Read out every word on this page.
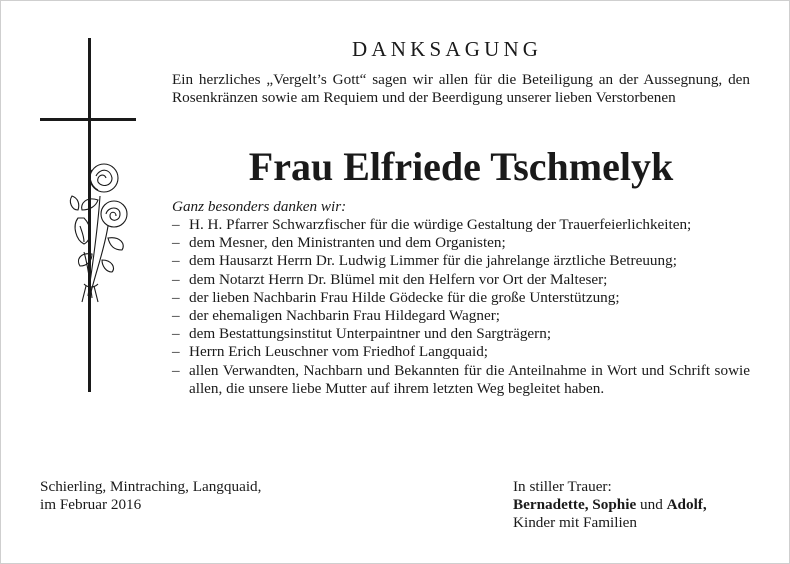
DANKSAGUNG
Ein herzliches „Vergelt’s Gott“ sagen wir allen für die Beteiligung an der Aussegnung, den Rosenkränzen sowie am Requiem und der Beerdigung unserer lieben Verstorbenen
Frau Elfriede Tschmelyk
Ganz besonders danken wir:
– H. H. Pfarrer Schwarzfischer für die würdige Gestaltung der Trauerfeierlichkeiten;
– dem Mesner, den Ministranten und dem Organisten;
– dem Hausarzt Herrn Dr. Ludwig Limmer für die jahrelange ärztliche Betreuung;
– dem Notarzt Herrn Dr. Blümel mit den Helfern vor Ort der Malteser;
– der lieben Nachbarin Frau Hilde Gödecke für die große Unterstützung;
– der ehemaligen Nachbarin Frau Hildegard Wagner;
– dem Bestattungsinstitut Unterpaintner und den Sargträgern;
– Herrn Erich Leuschner vom Friedhof Langquaid;
– allen Verwandten, Nachbarn und Bekannten für die Anteilnahme in Wort und Schrift sowie allen, die unsere liebe Mutter auf ihrem letzten Weg begleitet haben.
Schierling, Mintraching, Langquaid,
im Februar 2016
In stiller Trauer:
Bernadette, Sophie und Adolf,
Kinder mit Familien
